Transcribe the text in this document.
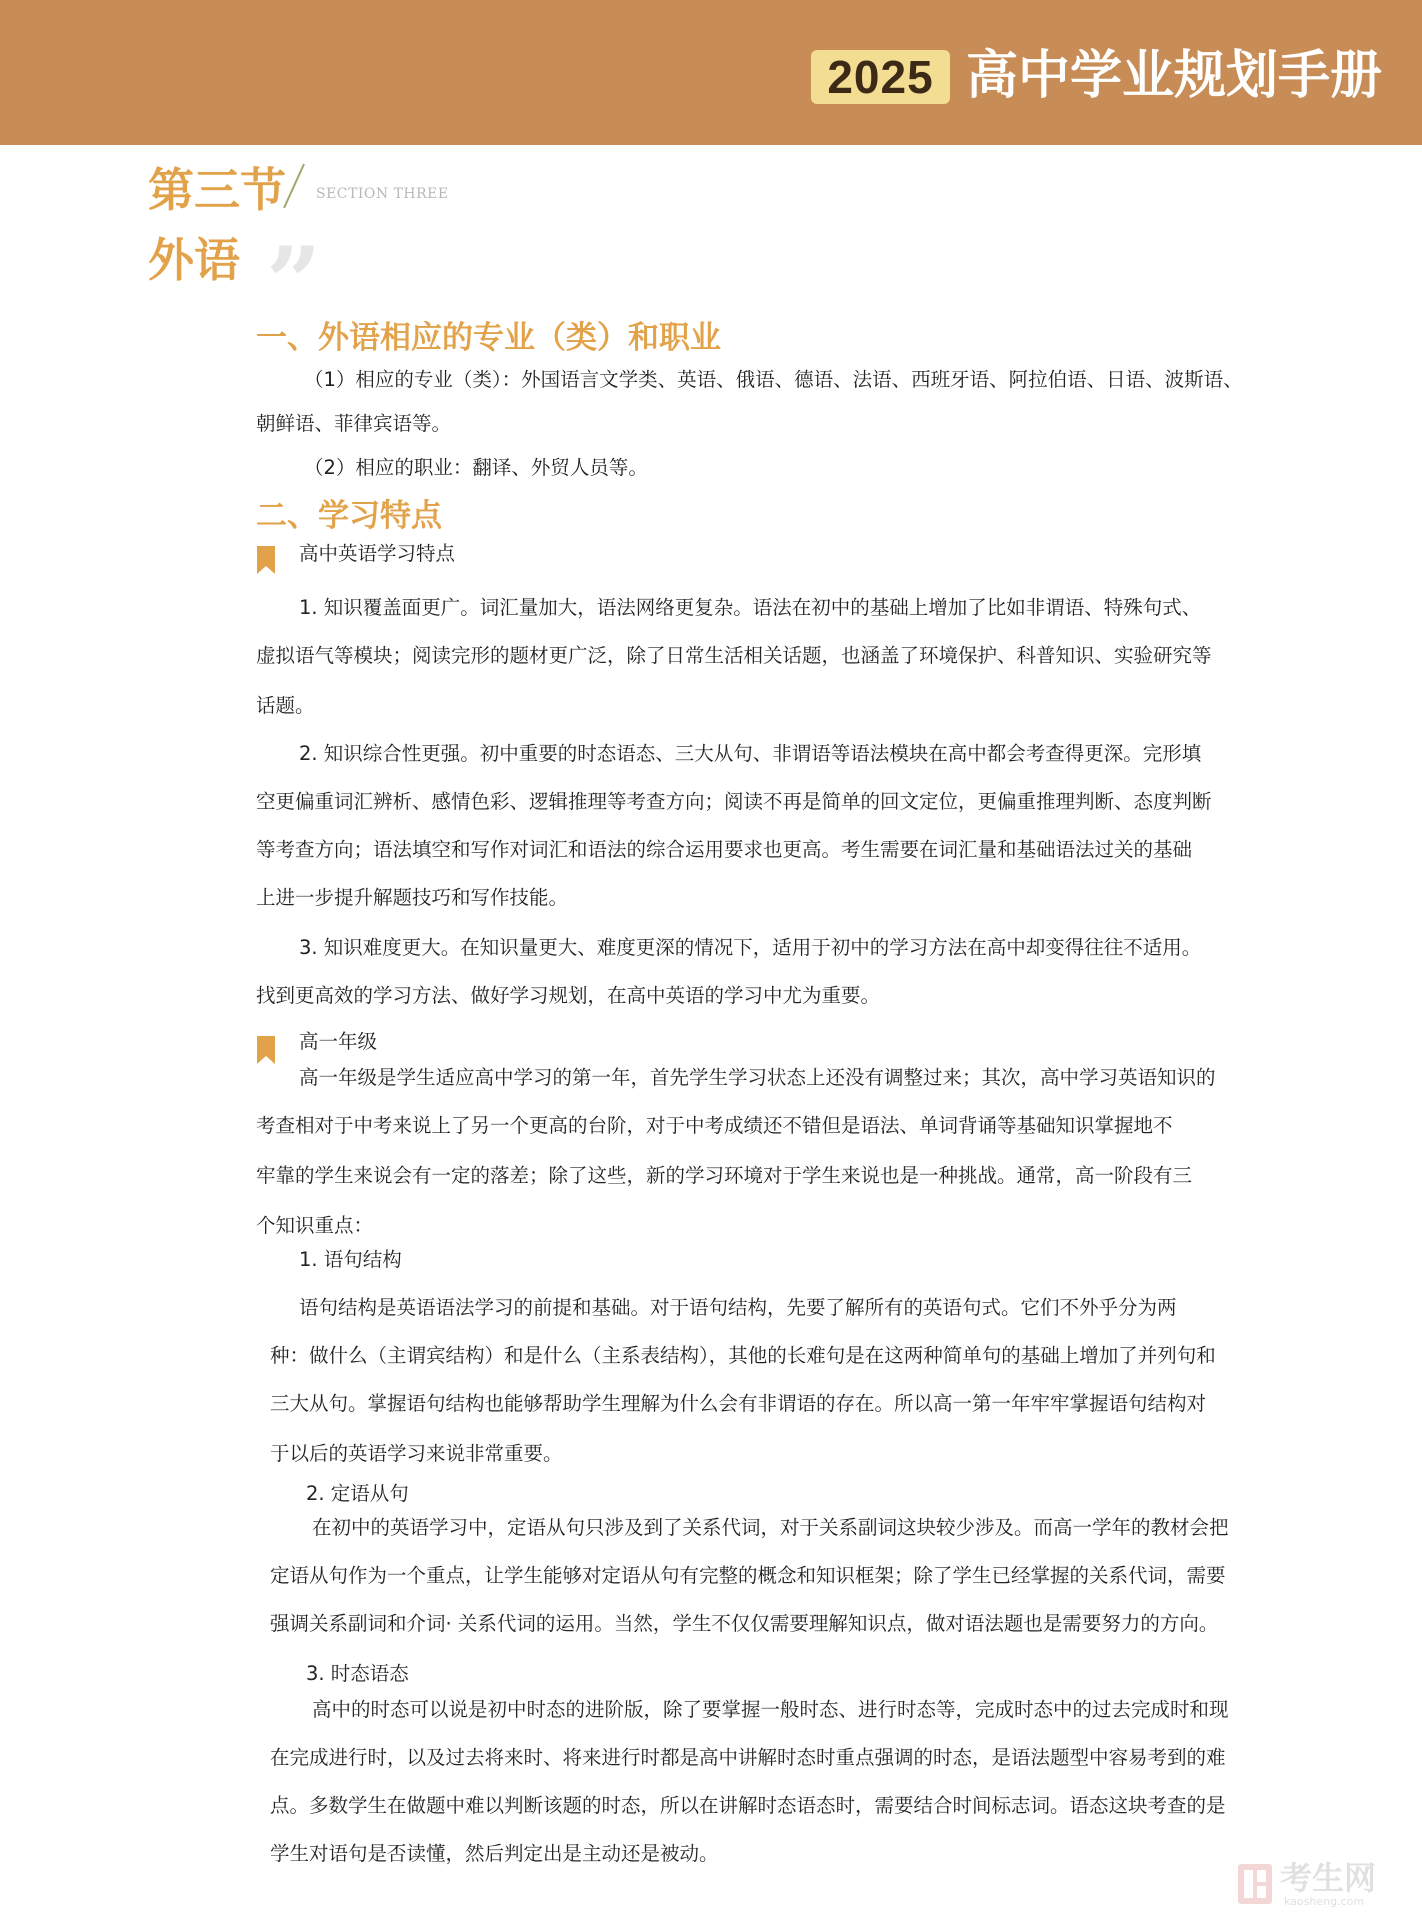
2025 高中学业规划手册
第三节 SECTION THREE
外语 ”
一、外语相应的专业（类）和职业
（1）相应的专业（类）：外国语言文学类、英语、俄语、德语、法语、西班牙语、阿拉伯语、日语、波斯语、
朝鲜语、菲律宾语等。
（2）相应的职业：翻译、外贸人员等。
二、学习特点
高中英语学习特点
1. 知识覆盖面更广。词汇量加大，语法网络更复杂。语法在初中的基础上增加了比如非谓语、特殊句式、
虚拟语气等模块；阅读完形的题材更广泛，除了日常生活相关话题，也涵盖了环境保护、科普知识、实验研究等
话题。
2. 知识综合性更强。初中重要的时态语态、三大从句、非谓语等语法模块在高中都会考查得更深。完形填
空更偏重词汇辨析、感情色彩、逻辑推理等考查方向；阅读不再是简单的回文定位，更偏重推理判断、态度判断
等考查方向；语法填空和写作对词汇和语法的综合运用要求也更高。考生需要在词汇量和基础语法过关的基础
上进一步提升解题技巧和写作技能。
3. 知识难度更大。在知识量更大、难度更深的情况下，适用于初中的学习方法在高中却变得往往不适用。
找到更高效的学习方法、做好学习规划，在高中英语的学习中尤为重要。
高一年级
高一年级是学生适应高中学习的第一年，首先学生学习状态上还没有调整过来；其次，高中学习英语知识的
考查相对于中考来说上了另一个更高的台阶，对于中考成绩还不错但是语法、单词背诵等基础知识掌握地不
牢靠的学生来说会有一定的落差；除了这些，新的学习环境对于学生来说也是一种挑战。通常，高一阶段有三
个知识重点：
1. 语句结构
语句结构是英语语法学习的前提和基础。对于语句结构，先要了解所有的英语句式。它们不外乎分为两
种：做什么（主谓宾结构）和是什么（主系表结构），其他的长难句是在这两种简单句的基础上增加了并列句和
三大从句。掌握语句结构也能够帮助学生理解为什么会有非谓语的存在。所以高一第一年牢牢掌握语句结构对
于以后的英语学习来说非常重要。
2. 定语从句
在初中的英语学习中，定语从句只涉及到了关系代词，对于关系副词这块较少涉及。而高一学年的教材会把
定语从句作为一个重点，让学生能够对定语从句有完整的概念和知识框架；除了学生已经掌握的关系代词，需要
强调关系副词和介词· 关系代词的运用。当然，学生不仅仅需要理解知识点，做对语法题也是需要努力的方向。
3. 时态语态
高中的时态可以说是初中时态的进阶版，除了要掌握一般时态、进行时态等，完成时态中的过去完成时和现
在完成进行时，以及过去将来时、将来进行时都是高中讲解时态时重点强调的时态，是语法题型中容易考到的难
点。多数学生在做题中难以判断该题的时态，所以在讲解时态语态时，需要结合时间标志词。语态这块考查的是
学生对语句是否读懂，然后判定出是主动还是被动。
考生网
kaosheng.com
